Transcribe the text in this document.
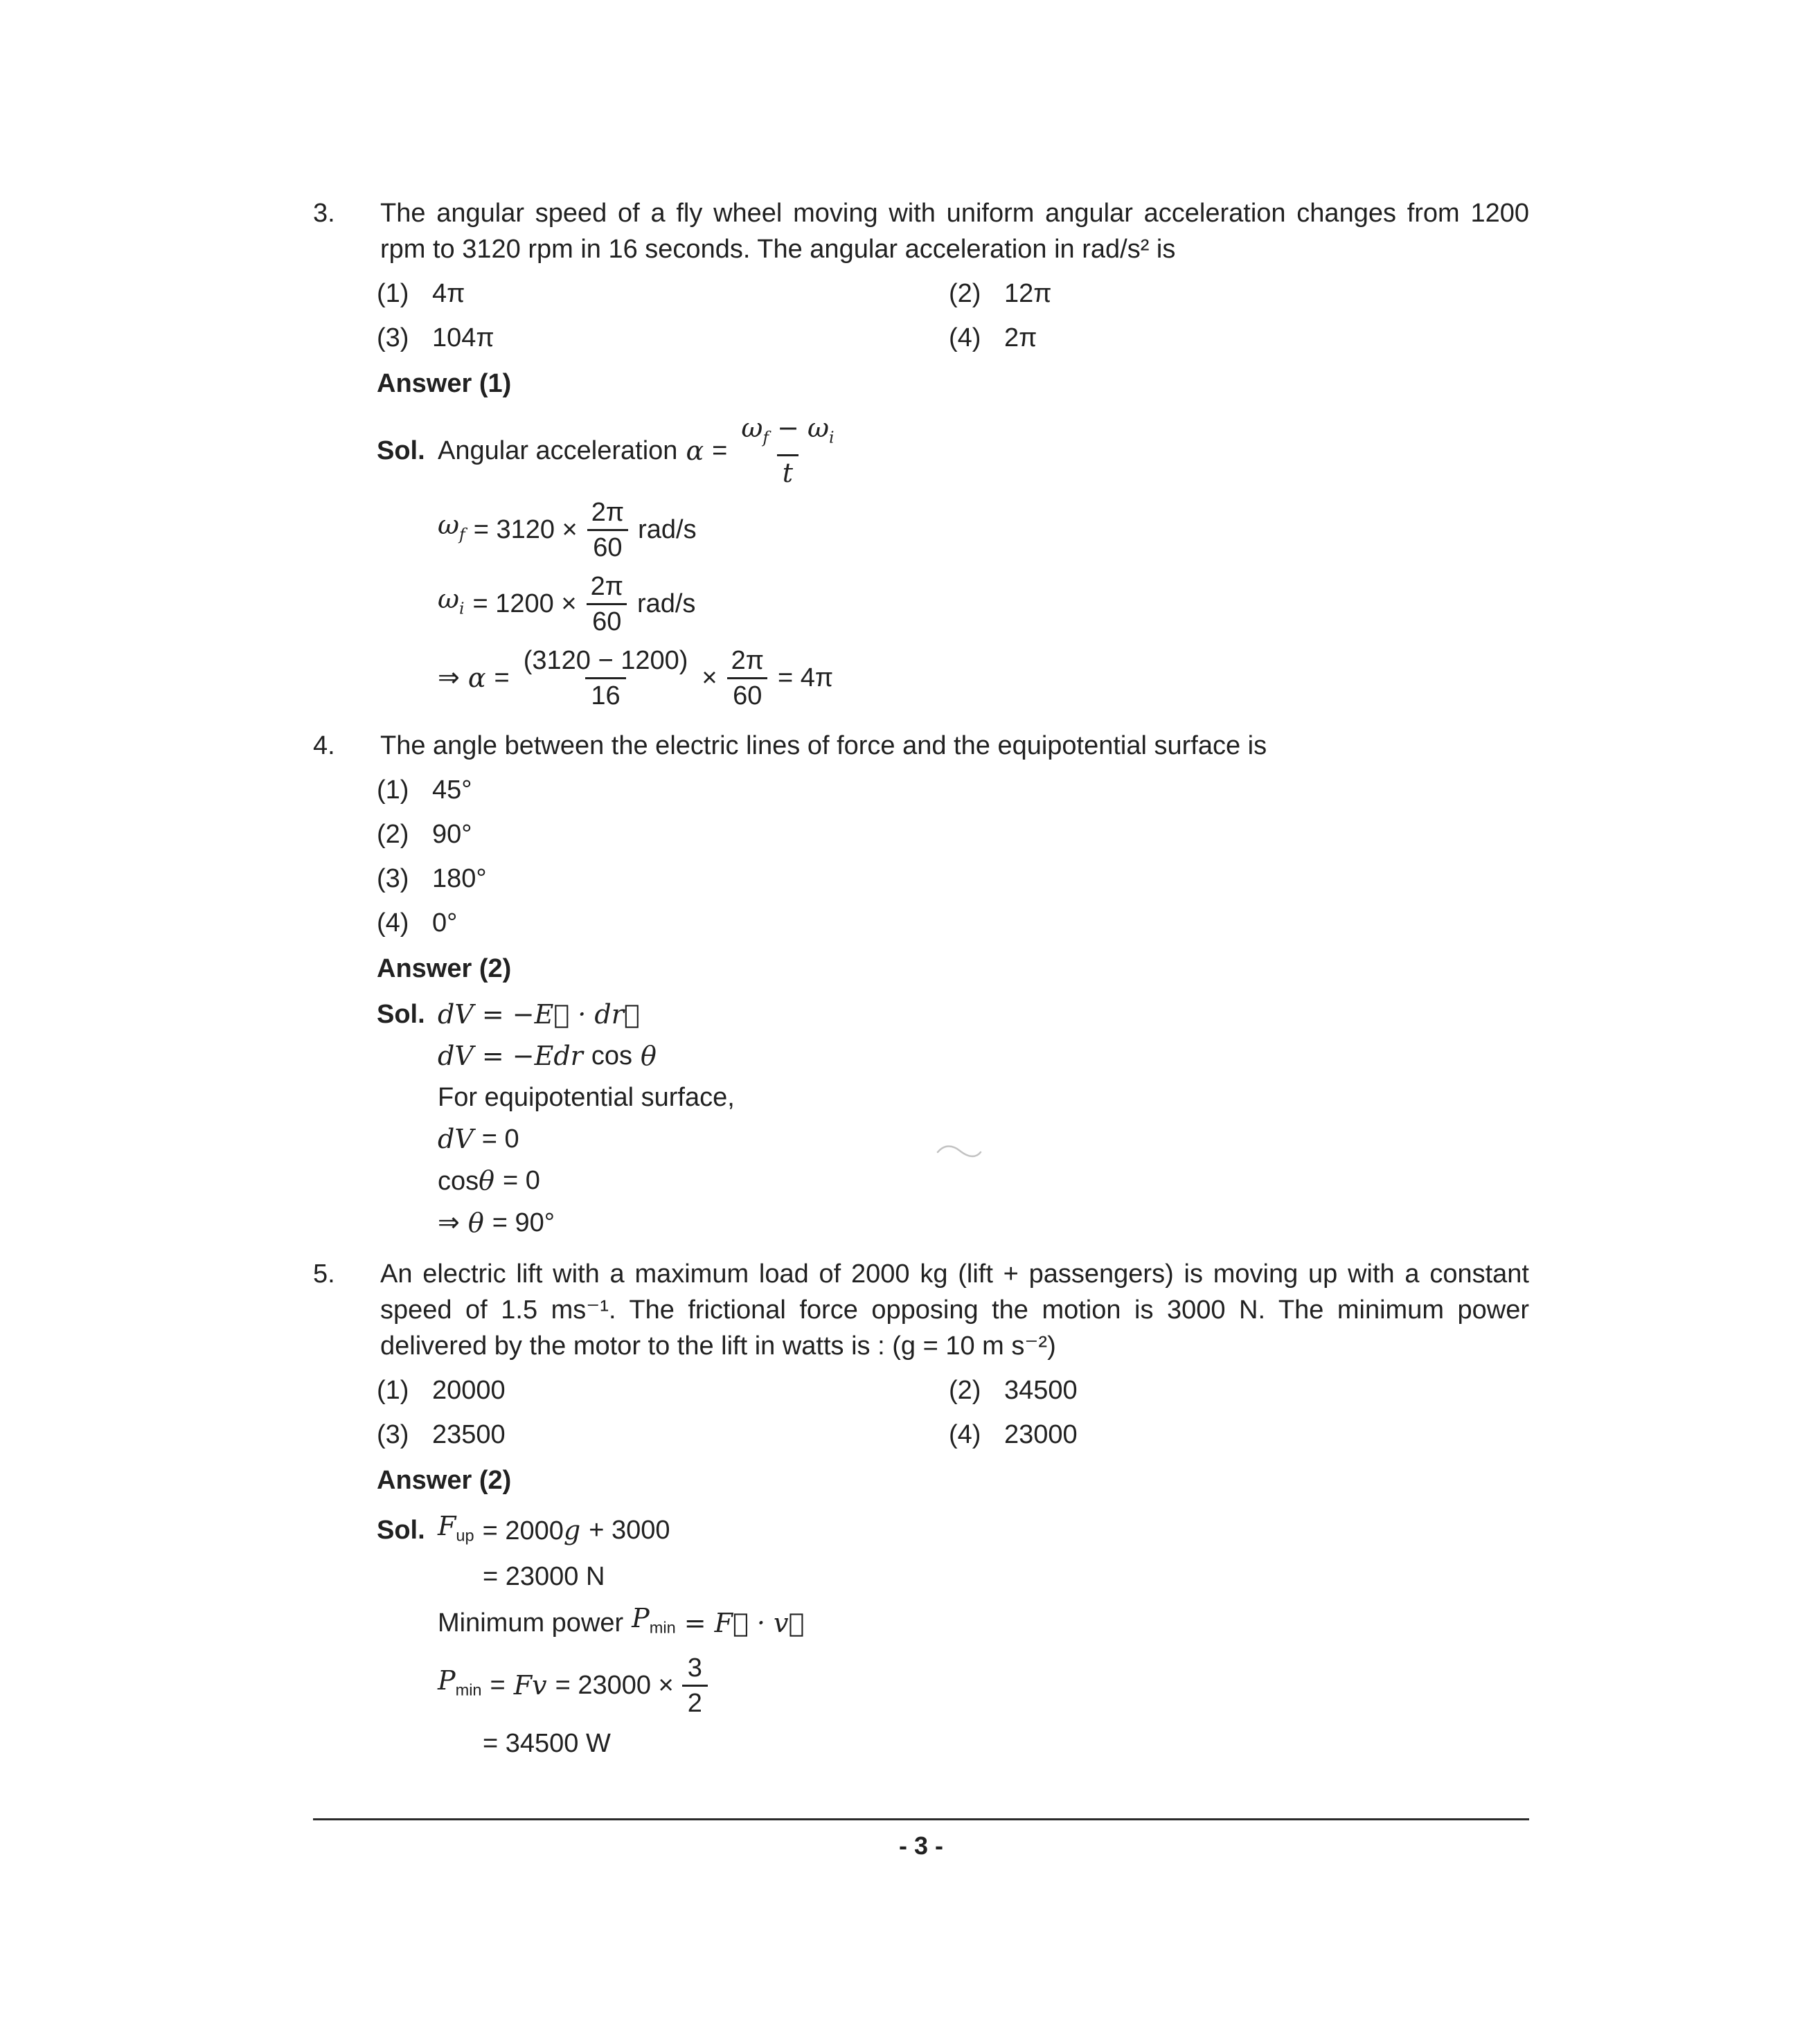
3.	The angular speed of a fly wheel moving with uniform angular acceleration changes from 1200 rpm to 3120 rpm in 16 seconds. The angular acceleration in rad/s² is

(1) 4π	(2) 12π
(3) 104π	(4) 2π

Answer (1)

Sol. Angular acceleration $\alpha = \frac{\omega_f - \omega_i}{t}$
$\omega_f = 3120 \times \frac{2\pi}{60} rad/s$
$\omega_i = 1200 \times \frac{2\pi}{60} rad/s$
⇒ $\alpha = \frac{(3120 - 1200)}{16} \times \frac{2\pi}{60} = 4\pi$
4.	The angle between the electric lines of force and the equipotential surface is

(1) 45°
(2) 90°
(3) 180°
(4) 0°

Answer (2)

Sol. dV = −E⃗ · dr⃗
dV = −Edr cos θ
For equipotential surface,
dV = 0
cosθ = 0
⇒ θ = 90°
5.	An electric lift with a maximum load of 2000 kg (lift + passengers) is moving up with a constant speed of 1.5 ms⁻¹. The frictional force opposing the motion is 3000 N. The minimum power delivered by the motor to the lift in watts is : (g = 10 m s⁻²)

(1) 20000	(2) 34500
(3) 23500	(4) 23000

Answer (2)

Sol. $F_{up} = 2000g + 3000$
= 23000 N
Minimum power $P_{min}$ = F⃗ · v⃗
$P_{min} = Fv = 23000 \times \frac{3}{2}$
= 34500 W
- 3 -
